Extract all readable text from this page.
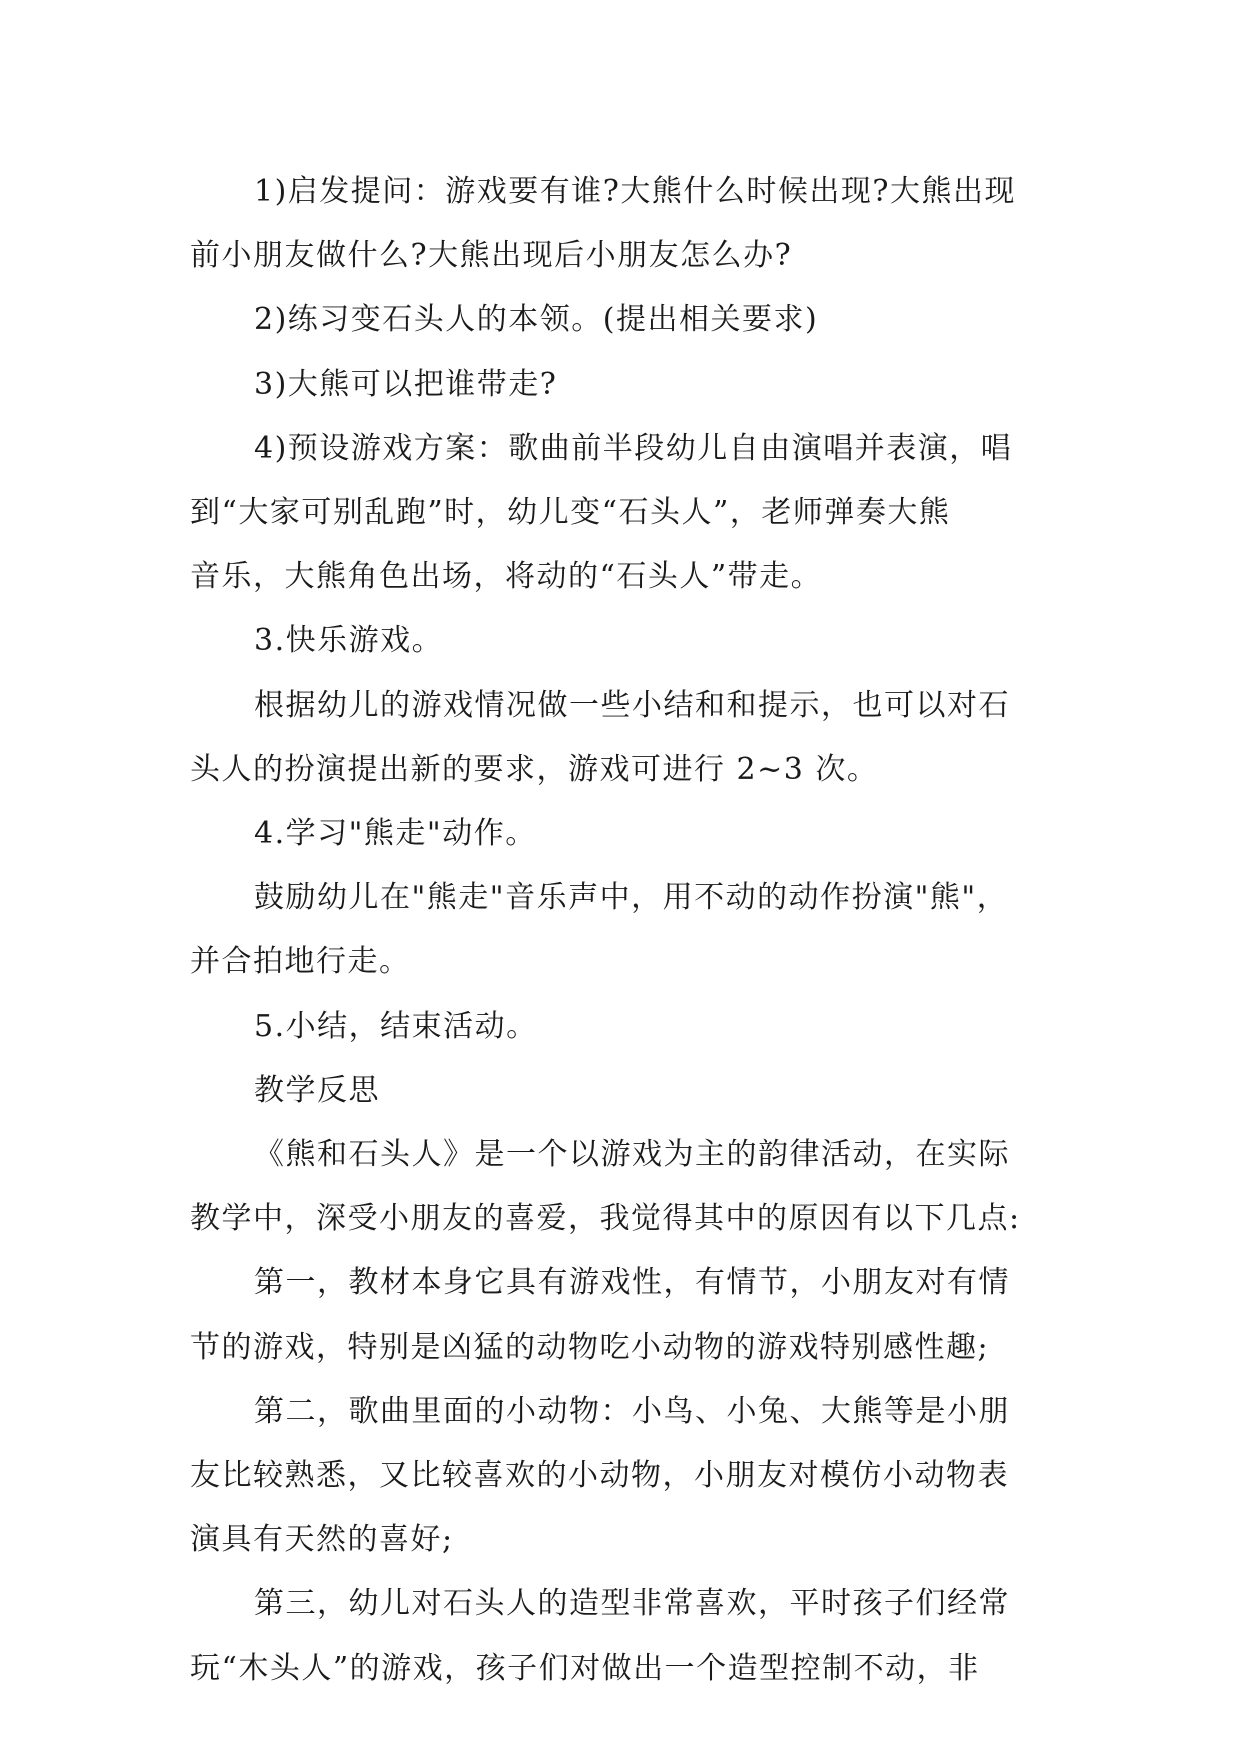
1)启发提问：游戏要有谁?大熊什么时候出现?大熊出现

前小朋友做什么?大熊出现后小朋友怎么办?

2)练习变石头人的本领。(提出相关要求)

3)大熊可以把谁带走?

4)预设游戏方案：歌曲前半段幼儿自由演唱并表演，唱

到“大家可别乱跑”时，幼儿变“石头人”，老师弹奏大熊

音乐，大熊角色出场，将动的“石头人”带走。

3.快乐游戏。

根据幼儿的游戏情况做一些小结和和提示，也可以对石

头人的扮演提出新的要求，游戏可进行 2~3 次。

4.学习"熊走"动作。

鼓励幼儿在"熊走"音乐声中，用不动的动作扮演"熊"，

并合拍地行走。

5.小结，结束活动。

教学反思

《熊和石头人》是一个以游戏为主的韵律活动，在实际

教学中，深受小朋友的喜爱，我觉得其中的原因有以下几点:

第一，教材本身它具有游戏性，有情节，小朋友对有情

节的游戏，特别是凶猛的动物吃小动物的游戏特别感性趣;

第二，歌曲里面的小动物：小鸟、小兔、大熊等是小朋

友比较熟悉，又比较喜欢的小动物，小朋友对模仿小动物表

演具有天然的喜好;

第三，幼儿对石头人的造型非常喜欢，平时孩子们经常

玩“木头人”的游戏，孩子们对做出一个造型控制不动，非
